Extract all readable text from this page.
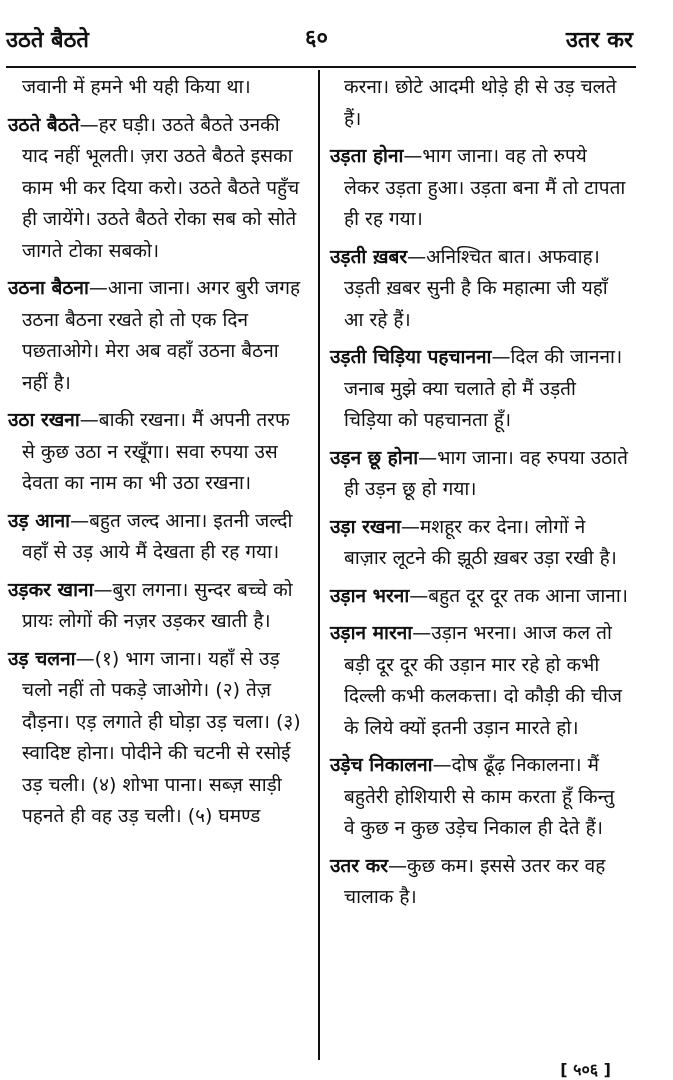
उठते बैठते	६०	उतर कर

जवानी में हमने भी यही किया था।

उठते बैठते—हर घड़ी। उठते बैठते उनकी याद नहीं भूलती। ज़रा उठते बैठते इसका काम भी कर दिया करो। उठते बैठते पहुँच ही जायेंगे। उठते बैठते रोका सब को सोते जागते टोका सबको।

उठना बैठना—आना जाना। अगर बुरी जगह उठना बैठना रखते हो तो एक दिन पछताओगे। मेरा अब वहाँ उठना बैठना नहीं है।

उठा रखना—बाकी रखना। मैं अपनी तरफ से कुछ उठा न रखूँगा। सवा रुपया उस देवता का नाम का भी उठा रखना।

उड़ आना—बहुत जल्द आना। इतनी जल्दी वहाँ से उड़ आये मैं देखता ही रह गया।

उड़कर खाना—बुरा लगना। सुन्दर बच्चे को प्रायः लोगों की नज़र उड़कर खाती है।

उड़ चलना—(१) भाग जाना। यहाँ से उड़ चलो नहीं तो पकड़े जाओगे। (२) तेज़ दौड़ना। एड़ लगाते ही घोड़ा उड़ चला। (३) स्वादिष्ट होना। पोदीने की चटनी से रसोई उड़ चली। (४) शोभा पाना। सब्ज़ साड़ी पहनते ही वह उड़ चली। (५) घमण्ड

करना। छोटे आदमी थोड़े ही से उड़ चलते हैं।

उड़ता होना—भाग जाना। वह तो रुपये लेकर उड़ता हुआ। उड़ता बना मैं तो टापता ही रह गया।

उड़ती ख़बर—अनिश्चित बात। अफवाह। उड़ती ख़बर सुनी है कि महात्मा जी यहाँ आ रहे हैं।

उड़ती चिड़िया पहचानना—दिल की जानना। जनाब मुझे क्या चलाते हो मैं उड़ती चिड़िया को पहचानता हूँ।

उड़न छू होना—भाग जाना। वह रुपया उठाते ही उड़न छू हो गया।

उड़ा रखना—मशहूर कर देना। लोगों ने बाज़ार लूटने की झूठी ख़बर उड़ा रखी है।

उड़ान भरना—बहुत दूर दूर तक आना जाना।

उड़ान मारना—उड़ान भरना। आज कल तो बड़ी दूर दूर की उड़ान मार रहे हो कभी दिल्ली कभी कलकत्ता। दो कौड़ी की चीज के लिये क्यों इतनी उड़ान मारते हो।

उड़ेच निकालना—दोष ढूँढ़ निकालना। मैं बहुतेरी होशियारी से काम करता हूँ किन्तु वे कुछ न कुछ उड़ेच निकाल ही देते हैं।

उतर कर—कुछ कम। इससे उतर कर वह चालाक है।

[ ५०६ ]
